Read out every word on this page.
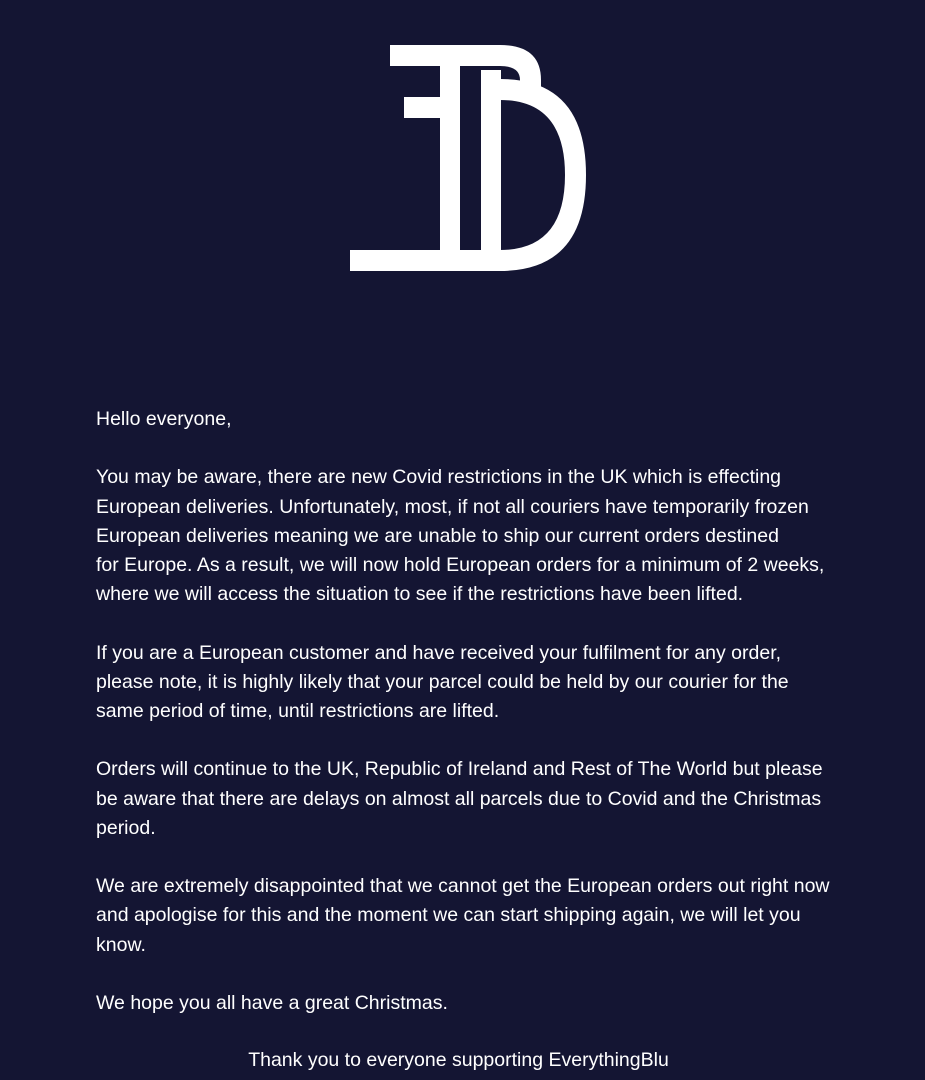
Hello everyone,

You may be aware, there are new Covid restrictions in the UK which is effecting
European deliveries. Unfortunately, most, if not all couriers have temporarily frozen
European deliveries meaning we are unable to ship our current orders destined
for Europe. As a result, we will now hold European orders for a minimum of 2 weeks,
where we will access the situation to see if the restrictions have been lifted.

If you are a European customer and have received your fulfilment for any order,
please note, it is highly likely that your parcel could be held by our courier for the
same period of time, until restrictions are lifted.

Orders will continue to the UK, Republic of Ireland and Rest of The World but please
be aware that there are delays on almost all parcels due to Covid and the Christmas
period.

We are extremely disappointed that we cannot get the European orders out right now
and apologise for this and the moment we can start shipping again, we will let you
know.

We hope you all have a great Christmas.

Thank you to everyone supporting EverythingBlu
